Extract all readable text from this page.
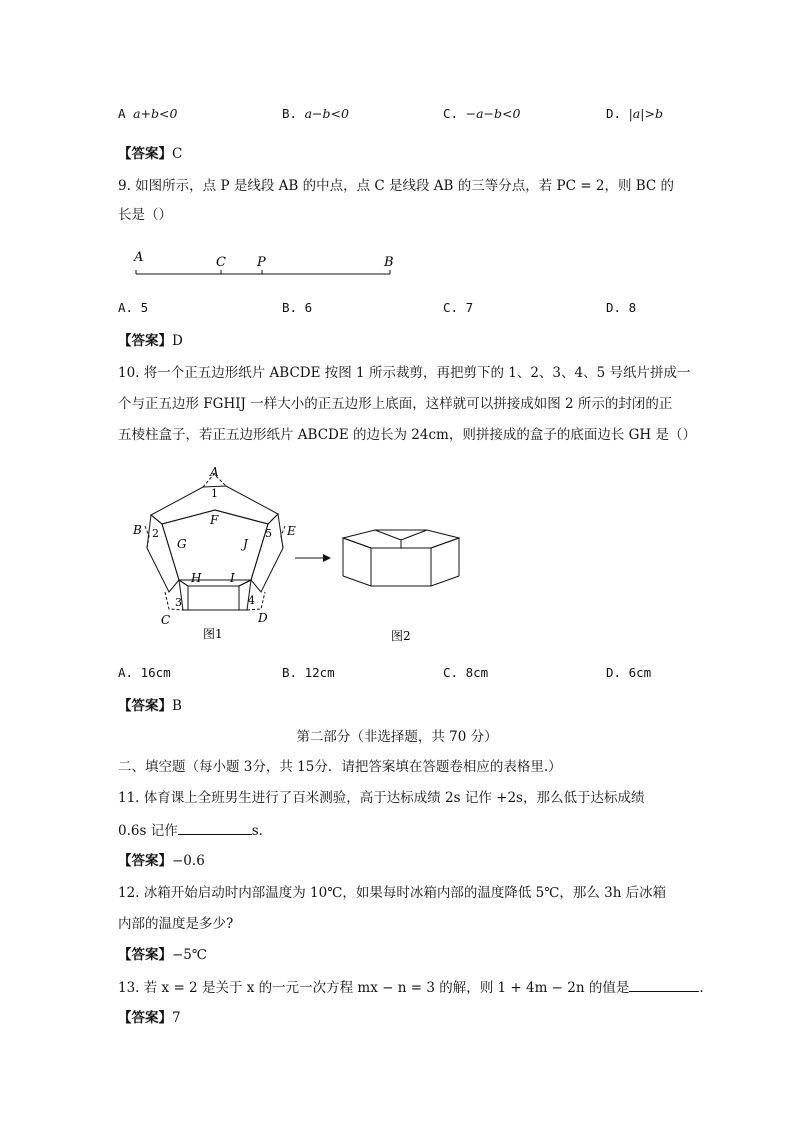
A a+b<0	B. a−b<0	C. −a−b<0	D. |a|>b
【答案】C
9. 如图所示，点 P 是线段 AB 的中点，点 C 是线段 AB 的三等分点，若 PC = 2，则 BC 的
长是（）
A	C P	B
A. 5	B. 6	C. 7	D. 8
【答案】D
10. 将一个正五边形纸片 ABCDE 按图 1 所示裁剪，再把剪下的 1、2、3、4、5 号纸片拼成一
个与正五边形 FGHIJ 一样大小的正五边形上底面，这样就可以拼接成如图 2 所示的封闭的正
五棱柱盒子，若正五边形纸片 ABCDE 的边长为 24cm，则拼接成的盒子的底面边长 GH 是（）
A
B
C	D
E
F
G
H I
J
1
2
3	4
5
图1	图2
A. 16cm	B. 12cm	C. 8cm	D. 6cm
【答案】B
第二部分（非选择题，共 70 分）
二、填空题（每小题 3分，共 15分．请把答案填在答题卷相应的表格里.）
11. 体育课上全班男生进行了百米测验，高于达标成绩 2s 记作 +2s，那么低于达标成绩
0.6s 记作	s.
【答案】−0.6
12. 冰箱开始启动时内部温度为 10℃，如果每时冰箱内部的温度降低 5℃，那么 3h 后冰箱
内部的温度是多少?
【答案】−5℃
13. 若 x = 2 是关于 x 的一元一次方程 mx − n = 3 的解，则 1 + 4m − 2n 的值是	.
【答案】7
